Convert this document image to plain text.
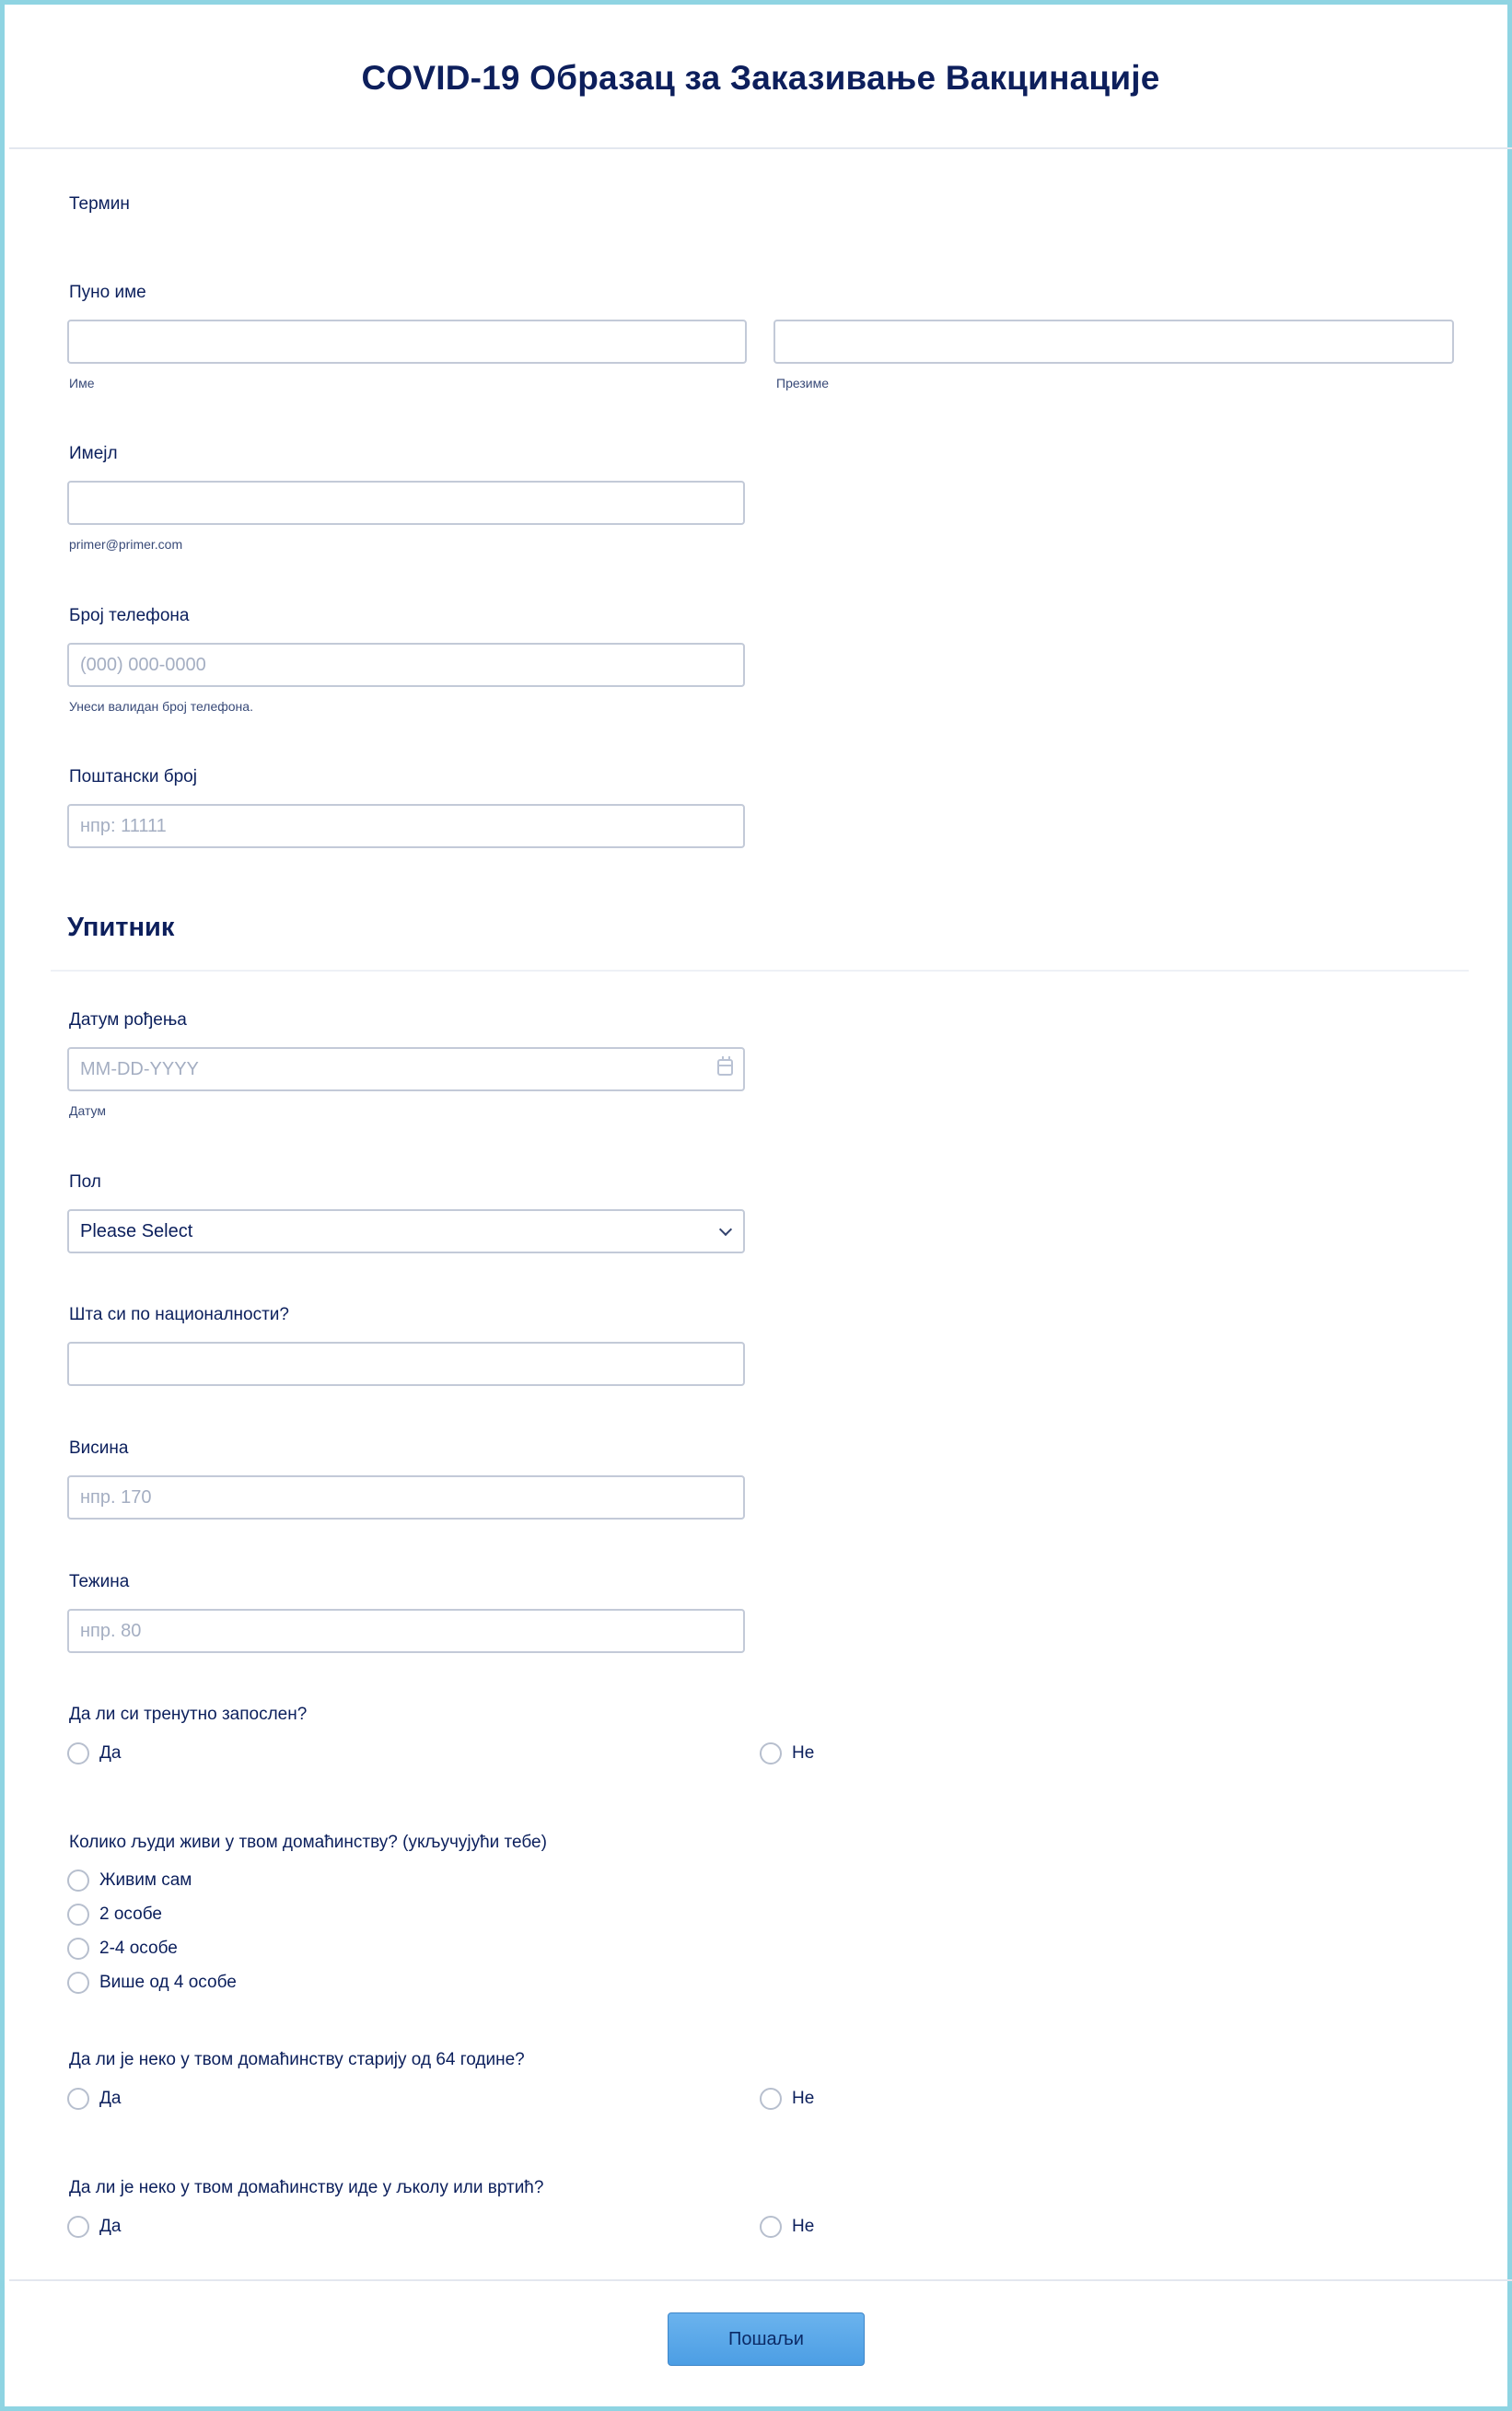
COVID-19 Образац за Заказивање Вакцинације
Термин
Пуно име
Име	Презиме
Имејл
primer@primer.com
Број телефона
(000) 000-0000
Унеси валидан број телефона.
Поштански број
нпр: 11111
Упитник
Датум рођења
MM-DD-YYYY
Датум
Пол
Please Select
Шта си по националности?
Висина
нпр. 170
Тежина
нпр. 80
Да ли си тренутно запослен?
Да	Не
Колико људи живи у твом домаћинству? (укључујући тебе)
Живим сам
2 особе
2-4 особе
Више од 4 особе
Да ли је неко у твом домаћинству старију од 64 године?
Да	Не
Да ли је неко у твом домаћинству иде у љколу или вртић?
Да	Не
Пошаљи
